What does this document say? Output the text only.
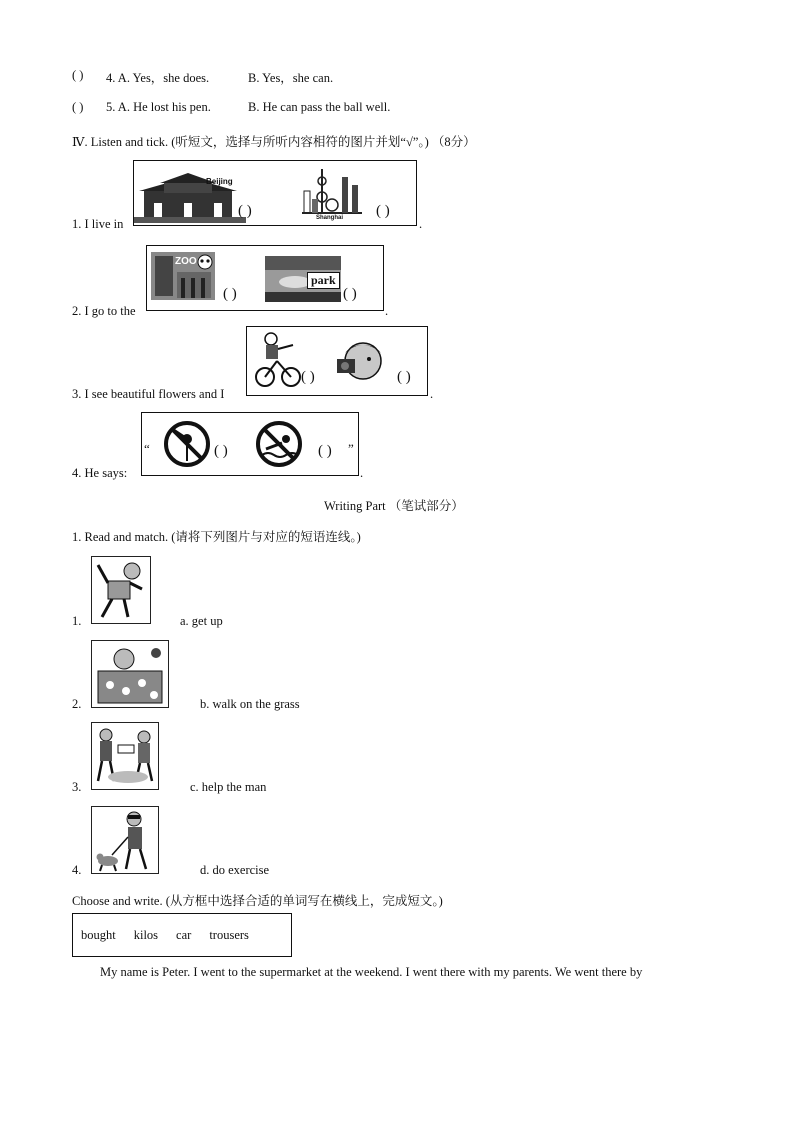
( ) 4. A. Yes，she does.	B. Yes，she can.
( ) 5. A. He lost his pen.	B. He can pass the ball well.
Ⅳ. Listen and tick. (听短文，选择与所听内容相符的图片并划“√”。) （8分）
1. I live in
Beijing
( )	Shanghai ( )
.
2. I go to the
ZOO
( )
park
( )
.
3. I see beautiful flowers and I
( )	( )
.
4. He says:
“	( )	( ) ”
.
Writing Part （笔试部分）
1. Read and match. (请将下列图片与对应的短语连线。)
1.	a. get up
2.	b. walk on the grass
3.	c. help the man
4.	d. do exercise
Choose and write. (从方框中选择合适的单词写在横线上，完成短文。)
bought kilos car trousers
My name is Peter. I went to the supermarket at the weekend. I went there with my parents. We went there by
